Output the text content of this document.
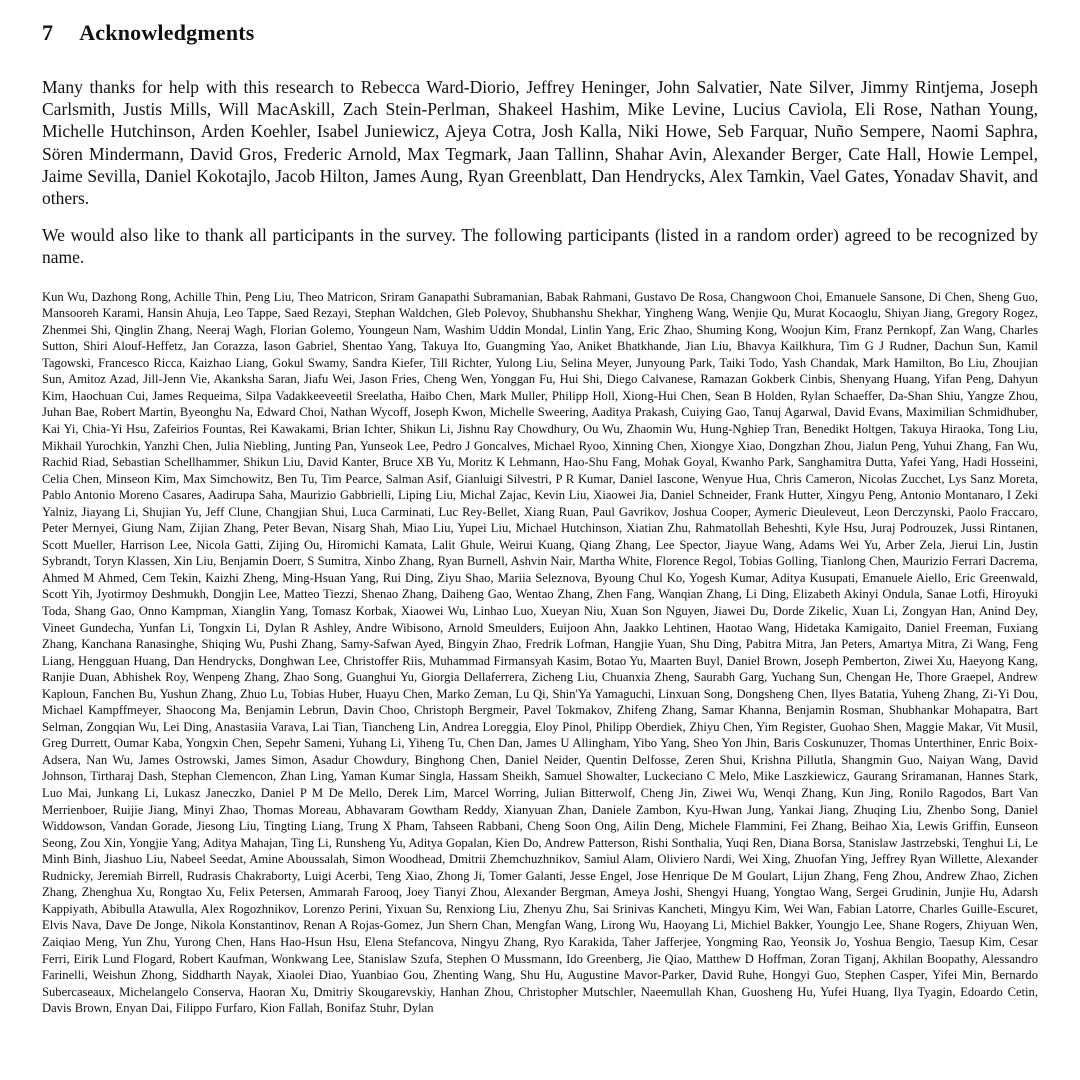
7 Acknowledgments

Many thanks for help with this research to Rebecca Ward-Diorio, Jeffrey Heninger, John Salvatier, Nate Silver, Jimmy Rintjema, Joseph Carlsmith, Justis Mills, Will MacAskill, Zach Stein-Perlman, Shakeel Hashim, Mike Levine, Lucius Caviola, Eli Rose, Nathan Young, Michelle Hutchinson, Arden Koehler, Isabel Juniewicz, Ajeya Cotra, Josh Kalla, Niki Howe, Seb Farquar, Nuño Sempere, Naomi Saphra, Sören Mindermann, David Gros, Frederic Arnold, Max Tegmark, Jaan Tallinn, Shahar Avin, Alexander Berger, Cate Hall, Howie Lempel, Jaime Sevilla, Daniel Kokotajlo, Jacob Hilton, James Aung, Ryan Greenblatt, Dan Hendrycks, Alex Tamkin, Vael Gates, Yonadav Shavit, and others.

We would also like to thank all participants in the survey. The following participants (listed in a random order) agreed to be recognized by name.

Kun Wu, Dazhong Rong, Achille Thin, Peng Liu, Theo Matricon, Sriram Ganapathi Subramanian, Babak Rahmani, Gustavo De Rosa, Changwoon Choi, Emanuele Sansone, Di Chen, Sheng Guo, Mansooreh Karami, Hansin Ahuja, Leo Tappe, Saed Rezayi, Stephan Waldchen, Gleb Polevoy, Shubhanshu Shekhar, Yingheng Wang, Wenjie Qu, Murat Kocaoglu, Shiyan Jiang, Gregory Rogez, Zhenmei Shi, Qinglin Zhang, Neeraj Wagh, Florian Golemo, Youngeun Nam, Washim Uddin Mondal, Linlin Yang, Eric Zhao, Shuming Kong, Woojun Kim, Franz Pernkopf, Zan Wang, Charles Sutton, Shiri Alouf-Heffetz, Jan Corazza, Iason Gabriel, Shentao Yang, Takuya Ito, Guangming Yao, Aniket Bhatkhande, Jian Liu, Bhavya Kailkhura, Tim G J Rudner, Dachun Sun, Kamil Tagowski, Francesco Ricca, Kaizhao Liang, Gokul Swamy, Sandra Kiefer, Till Richter, Yulong Liu, Selina Meyer, Junyoung Park, Taiki Todo, Yash Chandak, Mark Hamilton, Bo Liu, Zhoujian Sun, Amitoz Azad, Jill-Jenn Vie, Akanksha Saran, Jiafu Wei, Jason Fries, Cheng Wen, Yonggan Fu, Hui Shi, Diego Calvanese, Ramazan Gokberk Cinbis, Shenyang Huang, Yifan Peng, Dahyun Kim, Haochuan Cui, James Requeima, Silpa Vadakkeeveetil Sreelatha, Haibo Chen, Mark Muller, Philipp Holl, Xiong-Hui Chen, Sean B Holden, Rylan Schaeffer, Da-Shan Shiu, Yangze Zhou, Juhan Bae, Robert Martin, Byeonghu Na, Edward Choi, Nathan Wycoff, Joseph Kwon, Michelle Sweering, Aaditya Prakash, Cuiying Gao, Tanuj Agarwal, David Evans, Maximilian Schmidhuber, Kai Yi, Chia-Yi Hsu, Zafeirios Fountas, Rei Kawakami, Brian Ichter, Shikun Li, Jishnu Ray Chowdhury, Ou Wu, Zhaomin Wu, Hung-Nghiep Tran, Benedikt Holtgen, Takuya Hiraoka, Tong Liu, Mikhail Yurochkin, Yanzhi Chen, Julia Niebling, Junting Pan, Yunseok Lee, Pedro J Goncalves, Michael Ryoo, Xinning Chen, Xiongye Xiao, Dongzhan Zhou, Jialun Peng, Yuhui Zhang, Fan Wu, Rachid Riad, Sebastian Schellhammer, Shikun Liu, David Kanter, Bruce XB Yu, Moritz K Lehmann, Hao-Shu Fang, Mohak Goyal, Kwanho Park, Sanghamitra Dutta, Yafei Yang, Hadi Hosseini, Celia Chen, Minseon Kim, Max Simchowitz, Ben Tu, Tim Pearce, Salman Asif, Gianluigi Silvestri, P R Kumar, Daniel Iascone, Wenyue Hua, Chris Cameron, Nicolas Zucchet, Lys Sanz Moreta, Pablo Antonio Moreno Casares, Aadirupa Saha, Maurizio Gabbrielli, Liping Liu, Michal Zajac, Kevin Liu, Xiaowei Jia, Daniel Schneider, Frank Hutter, Xingyu Peng, Antonio Montanaro, I Zeki Yalniz, Jiayang Li, Shujian Yu, Jeff Clune, Changjian Shui, Luca Carminati, Luc Rey-Bellet, Xiang Ruan, Paul Gavrikov, Joshua Cooper, Aymeric Dieuleveut, Leon Derczynski, Paolo Fraccaro, Peter Mernyei, Giung Nam, Zijian Zhang, Peter Bevan, Nisarg Shah, Miao Liu, Yupei Liu, Michael Hutchinson, Xiatian Zhu, Rahmatollah Beheshti, Kyle Hsu, Juraj Podrouzek, Jussi Rintanen, Scott Mueller, Harrison Lee, Nicola Gatti, Zijing Ou, Hiromichi Kamata, Lalit Ghule, Weirui Kuang, Qiang Zhang, Lee Spector, Jiayue Wang, Adams Wei Yu, Arber Zela, Jierui Lin, Justin Sybrandt, Toryn Klassen, Xin Liu, Benjamin Doerr, S Sumitra, Xinbo Zhang, Ryan Burnell, Ashvin Nair, Martha White, Florence Regol, Tobias Golling, Tianlong Chen, Maurizio Ferrari Dacrema, Ahmed M Ahmed, Cem Tekin, Kaizhi Zheng, Ming-Hsuan Yang, Rui Ding, Ziyu Shao, Mariia Seleznova, Byoung Chul Ko, Yogesh Kumar, Aditya Kusupati, Emanuele Aiello, Eric Greenwald, Scott Yih, Jyotirmoy Deshmukh, Dongjin Lee, Matteo Tiezzi, Shenao Zhang, Daiheng Gao, Wentao Zhang, Zhen Fang, Wanqian Zhang, Li Ding, Elizabeth Akinyi Ondula, Sanae Lotfi, Hiroyuki Toda, Shang Gao, Onno Kampman, Xianglin Yang, Tomasz Korbak, Xiaowei Wu, Linhao Luo, Xueyan Niu, Xuan Son Nguyen, Jiawei Du, Dorde Zikelic, Xuan Li, Zongyan Han, Anind Dey, Vineet Gundecha, Yunfan Li, Tongxin Li, Dylan R Ashley, Andre Wibisono, Arnold Smeulders, Euijoon Ahn, Jaakko Lehtinen, Haotao Wang, Hidetaka Kamigaito, Daniel Freeman, Fuxiang Zhang, Kanchana Ranasinghe, Shiqing Wu, Pushi Zhang, Samy-Safwan Ayed, Bingyin Zhao, Fredrik Lofman, Hangjie Yuan, Shu Ding, Pabitra Mitra, Jan Peters, Amartya Mitra, Zi Wang, Feng Liang, Hengguan Huang, Dan Hendrycks, Donghwan Lee, Christoffer Riis, Muhammad Firmansyah Kasim, Botao Yu, Maarten Buyl, Daniel Brown, Joseph Pemberton, Ziwei Xu, Haeyong Kang, Ranjie Duan, Abhishek Roy, Wenpeng Zhang, Zhao Song, Guanghui Yu, Giorgia Dellaferrera, Zicheng Liu, Chuanxia Zheng, Saurabh Garg, Yuchang Sun, Chengan He, Thore Graepel, Andrew Kaploun, Fanchen Bu, Yushun Zhang, Zhuo Lu, Tobias Huber, Huayu Chen, Marko Zeman, Lu Qi, Shin'Ya Yamaguchi, Linxuan Song, Dongsheng Chen, Ilyes Batatia, Yuheng Zhang, Zi-Yi Dou, Michael Kampffmeyer, Shaocong Ma, Benjamin Lebrun, Davin Choo, Christoph Bergmeir, Pavel Tokmakov, Zhifeng Zhang, Samar Khanna, Benjamin Rosman, Shubhankar Mohapatra, Bart Selman, Zongqian Wu, Lei Ding, Anastasiia Varava, Lai Tian, Tiancheng Lin, Andrea Loreggia, Eloy Pinol, Philipp Oberdiek, Zhiyu Chen, Yim Register, Guohao Shen, Maggie Makar, Vit Musil, Greg Durrett, Oumar Kaba, Yongxin Chen, Sepehr Sameni, Yuhang Li, Yiheng Tu, Chen Dan, James U Allingham, Yibo Yang, Sheo Yon Jhin, Baris Coskunuzer, Thomas Unterthiner, Enric Boix-Adsera, Nan Wu, James Ostrowski, James Simon, Asadur Chowdury, Binghong Chen, Daniel Neider, Quentin Delfosse, Zeren Shui, Krishna Pillutla, Shangmin Guo, Naiyan Wang, David Johnson, Tirtharaj Dash, Stephan Clemencon, Zhan Ling, Yaman Kumar Singla, Hassam Sheikh, Samuel Showalter, Luckeciano C Melo, Mike Laszkiewicz, Gaurang Sriramanan, Hannes Stark, Luo Mai, Junkang Li, Lukasz Janeczko, Daniel P M De Mello, Derek Lim, Marcel Worring, Julian Bitterwolf, Cheng Jin, Ziwei Wu, Wenqi Zhang, Kun Jing, Ronilo Ragodos, Bart Van Merrienboer, Ruijie Jiang, Minyi Zhao, Thomas Moreau, Abhavaram Gowtham Reddy, Xianyuan Zhan, Daniele Zambon, Kyu-Hwan Jung, Yankai Jiang, Zhuqing Liu, Zhenbo Song, Daniel Widdowson, Vandan Gorade, Jiesong Liu, Tingting Liang, Trung X Pham, Tahseen Rabbani, Cheng Soon Ong, Ailin Deng, Michele Flammini, Fei Zhang, Beihao Xia, Lewis Griffin, Eunseon Seong, Zou Xin, Yongjie Yang, Aditya Mahajan, Ting Li, Runsheng Yu, Aditya Gopalan, Kien Do, Andrew Patterson, Rishi Sonthalia, Yuqi Ren, Diana Borsa, Stanislaw Jastrzebski, Tenghui Li, Le Minh Binh, Jiashuo Liu, Nabeel Seedat, Amine Aboussalah, Simon Woodhead, Dmitrii Zhemchuzhnikov, Samiul Alam, Oliviero Nardi, Wei Xing, Zhuofan Ying, Jeffrey Ryan Willette, Alexander Rudnicky, Jeremiah Birrell, Rudrasis Chakraborty, Luigi Acerbi, Teng Xiao, Zhong Ji, Tomer Galanti, Jesse Engel, Jose Henrique De M Goulart, Lijun Zhang, Feng Zhou, Andrew Zhao, Zichen Zhang, Zhenghua Xu, Rongtao Xu, Felix Petersen, Ammarah Farooq, Joey Tianyi Zhou, Alexander Bergman, Ameya Joshi, Shengyi Huang, Yongtao Wang, Sergei Grudinin, Junjie Hu, Adarsh Kappiyath, Abibulla Atawulla, Alex Rogozhnikov, Lorenzo Perini, Yixuan Su, Renxiong Liu, Zhenyu Zhu, Sai Srinivas Kancheti, Mingyu Kim, Wei Wan, Fabian Latorre, Charles Guille-Escuret, Elvis Nava, Dave De Jonge, Nikola Konstantinov, Renan A Rojas-Gomez, Jun Shern Chan, Mengfan Wang, Lirong Wu, Haoyang Li, Michiel Bakker, Youngjo Lee, Shane Rogers, Zhiyuan Wen, Zaiqiao Meng, Yun Zhu, Yurong Chen, Hans Hao-Hsun Hsu, Elena Stefancova, Ningyu Zhang, Ryo Karakida, Taher Jafferjee, Yongming Rao, Yeonsik Jo, Yoshua Bengio, Taesup Kim, Cesar Ferri, Eirik Lund Flogard, Robert Kaufman, Wonkwang Lee, Stanislaw Szufa, Stephen O Mussmann, Ido Greenberg, Jie Qiao, Matthew D Hoffman, Zoran Tiganj, Akhilan Boopathy, Alessandro Farinelli, Weishun Zhong, Siddharth Nayak, Xiaolei Diao, Yuanbiao Gou, Zhenting Wang, Shu Hu, Augustine Mavor-Parker, David Ruhe, Hongyi Guo, Stephen Casper, Yifei Min, Bernardo Subercaseaux, Michelangelo Conserva, Haoran Xu, Dmitriy Skougarevskiy, Hanhan Zhou, Christopher Mutschler, Naeemullah Khan, Guosheng Hu, Yufei Huang, Ilya Tyagin, Edoardo Cetin, Davis Brown, Enyan Dai, Filippo Furfaro, Kion Fallah, Bonifaz Stuhr, Dylan
